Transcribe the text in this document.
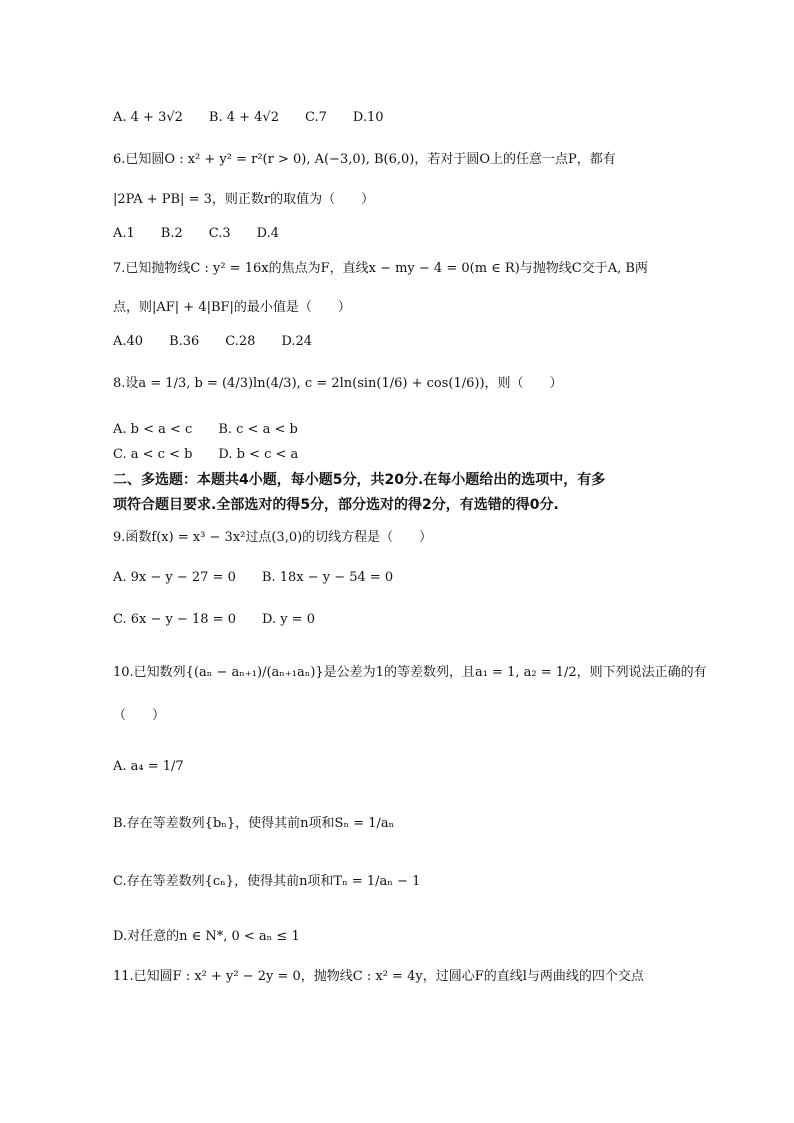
A. 4 + 3√2　　B. 4 + 4√2　　C.7　　D.10
6.已知圆O : x² + y² = r²(r > 0), A(−3,0), B(6,0)，若对于圆O上的任意一点P，都有
|2PA + PB| = 3，则正数r的取值为（　　）
A.1　　B.2　　C.3　　D.4
7.已知抛物线C : y² = 16x的焦点为F，直线x − my − 4 = 0(m ∈ R)与抛物线C交于A, B两
点，则|AF| + 4|BF|的最小值是（　　）
A.40　　B.36　　C.28　　D.24
8.设a = 1/3, b = (4/3)ln(4/3), c = 2ln(sin(1/6) + cos(1/6))，则（　　）
A. b < a < c　　B. c < a < b
C. a < c < b　　D. b < c < a
二、多选题：本题共4小题，每小题5分，共20分.在每小题给出的选项中，有多
项符合题目要求.全部选对的得5分，部分选对的得2分，有选错的得0分.
9.函数f(x) = x³ − 3x²过点(3,0)的切线方程是（　　）
A. 9x − y − 27 = 0　　B. 18x − y − 54 = 0
C. 6x − y − 18 = 0　　D. y = 0
10.已知数列{(aₙ − aₙ₊₁)/(aₙ₊₁aₙ)}是公差为1的等差数列，且a₁ = 1, a₂ = 1/2，则下列说法正确的有
（　　）
A. a₄ = 1/7
B.存在等差数列{bₙ}，使得其前n项和Sₙ = 1/aₙ
C.存在等差数列{cₙ}，使得其前n项和Tₙ = 1/aₙ − 1
D.对任意的n ∈ N*, 0 < aₙ ≤ 1
11.已知圆F : x² + y² − 2y = 0，抛物线C : x² = 4y，过圆心F的直线l与两曲线的四个交点
